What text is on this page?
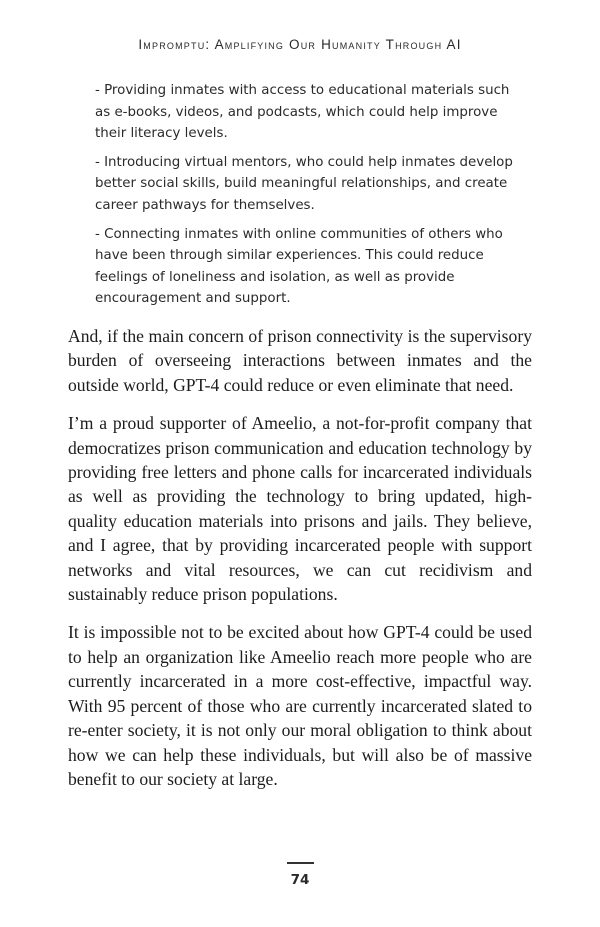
Impromptu: Amplifying Our Humanity Through AI

- Providing inmates with access to educational materials such as e-books, videos, and podcasts, which could help improve their literacy levels.

- Introducing virtual mentors, who could help inmates develop better social skills, build meaningful relationships, and create career pathways for themselves.

- Connecting inmates with online communities of others who have been through similar experiences. This could reduce feelings of loneliness and isolation, as well as provide encouragement and support.

And, if the main concern of prison connectivity is the supervisory burden of overseeing interactions between inmates and the outside world, GPT-4 could reduce or even eliminate that need.

I’m a proud supporter of Ameelio, a not-for-profit company that democratizes prison communication and education technology by providing free letters and phone calls for incarcerated individuals as well as providing the technology to bring updated, high-quality education materials into prisons and jails. They believe, and I agree, that by providing incarcerated people with support networks and vital resources, we can cut recidivism and sustainably reduce prison populations.

It is impossible not to be excited about how GPT-4 could be used to help an organization like Ameelio reach more people who are currently incarcerated in a more cost-effective, impactful way. With 95 percent of those who are currently incarcerated slated to re-enter society, it is not only our moral obligation to think about how we can help these individuals, but will also be of massive benefit to our society at large.

74
